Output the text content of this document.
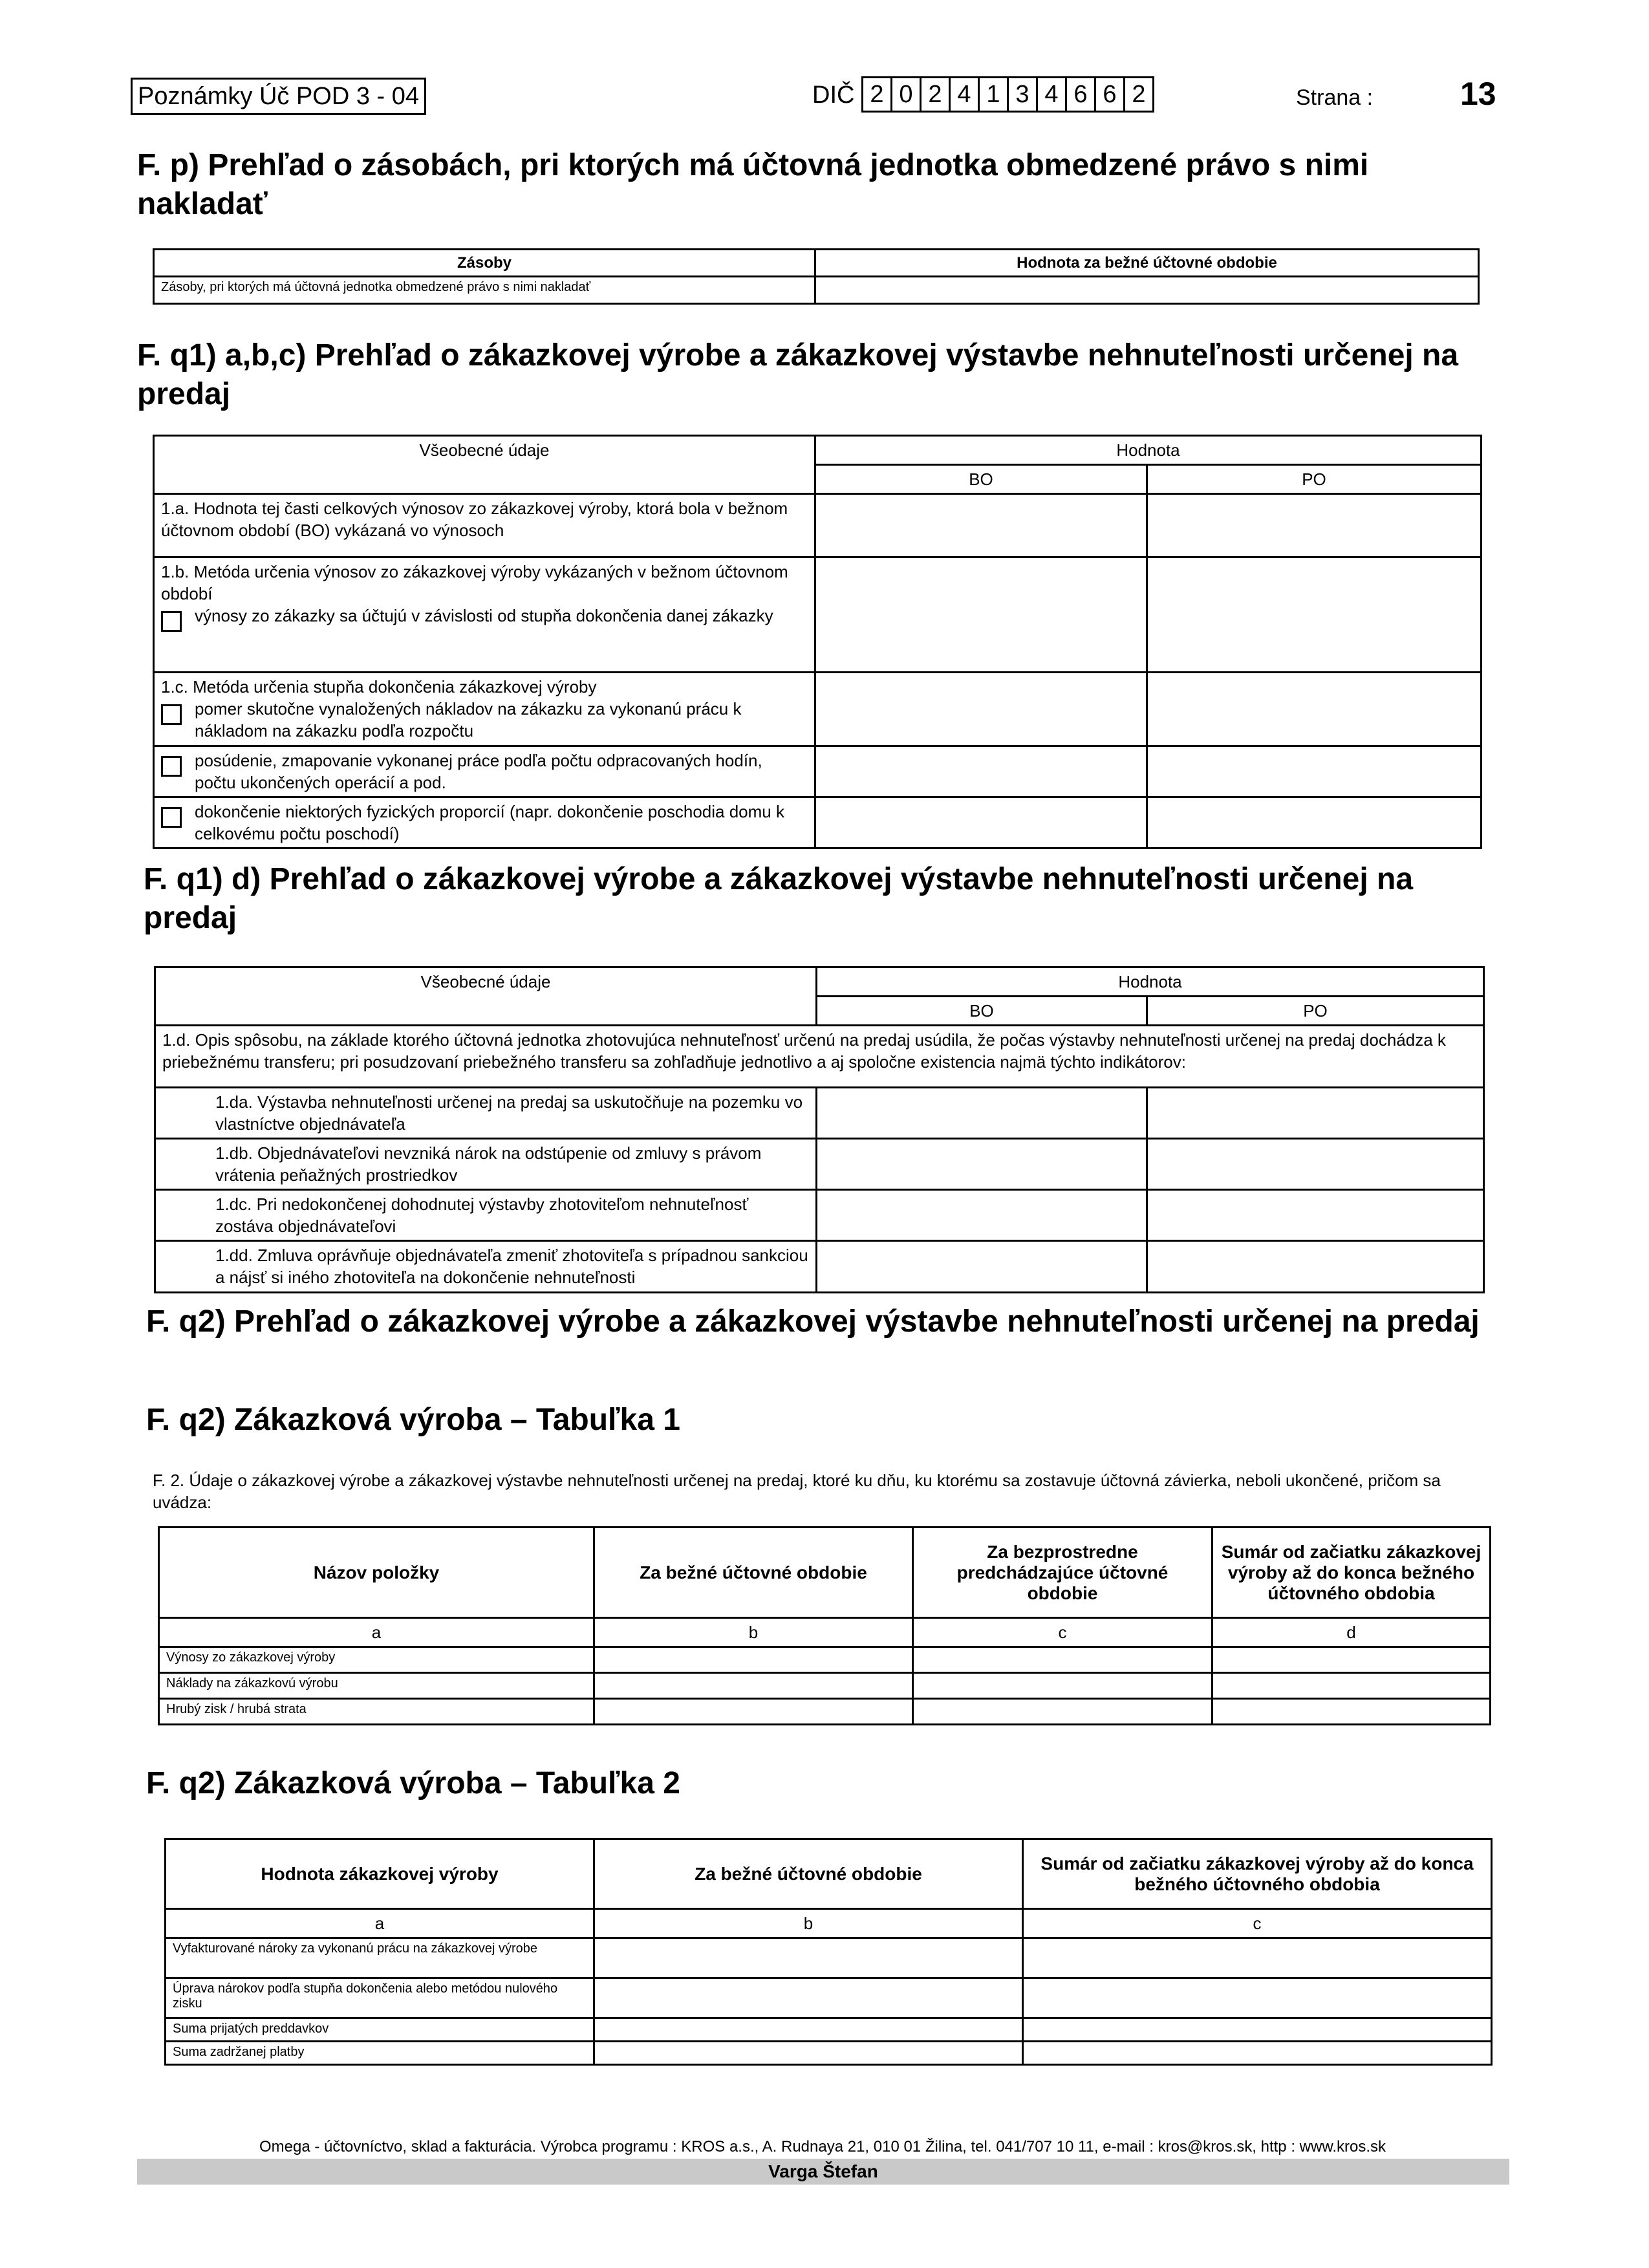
Poznámky Úč POD 3 - 04	DIČ 2 0 2 4 1 3 4 6 6 2	Strana :	13
F. p) Prehľad o zásobách, pri ktorých má účtovná jednotka obmedzené právo s nimi nakladať
Zásoby	Hodnota za bežné účtovné obdobie
Zásoby, pri ktorých má účtovná jednotka obmedzené právo s nimi nakladať	
F. q1) a,b,c) Prehľad o zákazkovej výrobe a zákazkovej výstavbe nehnuteľnosti určenej na predaj
Všeobecné údaje	Hodnota	
	BO	PO
1.a. Hodnota tej časti celkových výnosov zo zákazkovej výroby, ktorá bola v bežnom účtovnom období (BO) vykázaná vo výnosoch		

1.b. Metóda určenia výnosov zo zákazkovej výroby vykázaných v bežnom účtovnom období
výnosy zo zákazky sa účtujú v závislosti od stupňa dokončenia danej zákazky		

1.c. Metóda určenia stupňa dokončenia zákazkovej výroby
pomer skutočne vynaložených nákladov na zákazku za vykonanú prácu k nákladom na zákazku podľa rozpočtu		

posúdenie, zmapovanie vykonanej práce podľa počtu odpracovaných hodín, počtu ukončených operácií a pod.		

dokončenie niektorých fyzických proporcií (napr. dokončenie poschodia domu k celkovému počtu poschodí)		

F. q1) d) Prehľad o zákazkovej výrobe a zákazkovej výstavbe nehnuteľnosti určenej na predaj
Všeobecné údaje	Hodnota	
	BO	PO
1.d. Opis spôsobu, na základe ktorého účtovná jednotka zhotovujúca nehnuteľnosť určenú na predaj usúdila, že počas výstavby nehnuteľnosti určenej na predaj dochádza k priebežnému transferu; pri posudzovaní priebežného transferu sa zohľadňuje jednotlivo a aj spoločne existencia najmä týchto indikátorov:		
1.da. Výstavba nehnuteľnosti určenej na predaj sa uskutočňuje na pozemku vo vlastníctve objednávateľa		
1.db. Objednávateľovi nevzniká nárok na odstúpenie od zmluvy s právom vrátenia peňažných prostriedkov		
1.dc. Pri nedokončenej dohodnutej výstavby zhotoviteľom nehnuteľnosť zostáva objednávateľovi		
1.dd. Zmluva oprávňuje objednávateľa zmeniť zhotoviteľa s prípadnou sankciou a nájsť si iného zhotoviteľa na dokončenie nehnuteľnosti		
F. q2) Prehľad o zákazkovej výrobe a zákazkovej výstavbe nehnuteľnosti určenej na predaj
F. q2) Zákazková výroba – Tabuľka 1
F. 2. Údaje o zákazkovej výrobe a zákazkovej výstavbe nehnuteľnosti určenej na predaj, ktoré ku dňu, ku ktorému sa zostavuje účtovná závierka, neboli ukončené, pričom sa uvádza:
Názov položky	Za bežné účtovné obdobie	Za bezprostredne predchádzajúce účtovné obdobie	Sumár od začiatku zákazkovej výroby až do konca bežného účtovného obdobia
a	b	c	d
Výnosy zo zákazkovej výroby			
Náklady na zákazkovú výrobu			
Hrubý zisk / hrubá strata			
F. q2) Zákazková výroba – Tabuľka 2
Hodnota zákazkovej výroby	Za bežné účtovné obdobie	Sumár od začiatku zákazkovej výroby až do konca bežného účtovného obdobia
a	b	c
Vyfakturované nároky za vykonanú prácu na zákazkovej výrobe		
Úprava nárokov podľa stupňa dokončenia alebo metódou nulového zisku		
Suma prijatých preddavkov		
Suma zadržanej platby		
Omega - účtovníctvo, sklad a fakturácia. Výrobca programu : KROS a.s., A. Rudnaya 21, 010 01 Žilina, tel. 041/707 10 11, e-mail : kros@kros.sk, http : www.kros.sk
Varga Štefan
